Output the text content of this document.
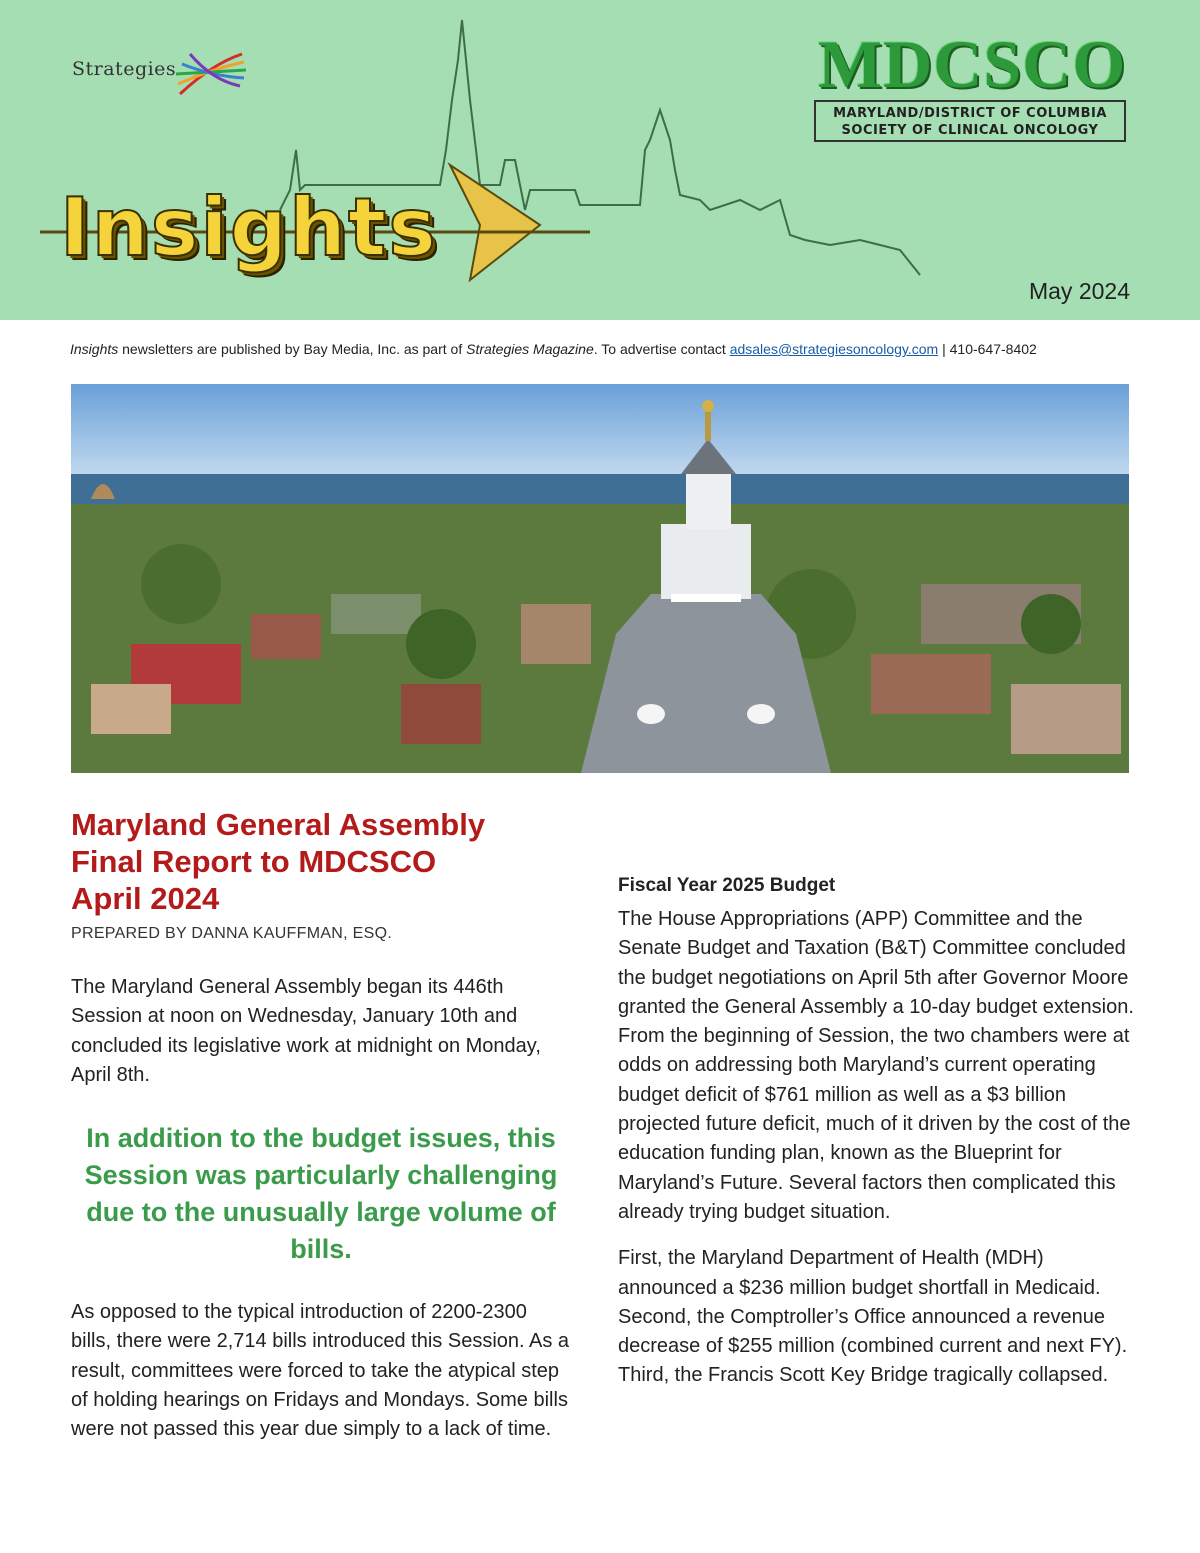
Strategies
Insights
MDCSCO
MARYLAND/DISTRICT OF COLUMBIA
SOCIETY OF CLINICAL ONCOLOGY
May 2024
Insights newsletters are published by Bay Media, Inc. as part of Strategies Magazine. To advertise contact adsales@strategiesoncology.com | 410-647-8402
Maryland General Assembly Final Report to MDCSCO April 2024
PREPARED BY DANNA KAUFFMAN, ESQ.

The Maryland General Assembly began its 446th Session at noon on Wednesday, January 10th and concluded its legislative work at midnight on Monday, April 8th.

In addition to the budget issues, this Session was particularly challenging due to the unusually large volume of bills.

As opposed to the typical introduction of 2200-2300 bills, there were 2,714 bills introduced this Session. As a result, committees were forced to take the atypical step of holding hearings on Fridays and Mondays. Some bills were not passed this year due simply to a lack of time.

Fiscal Year 2025 Budget

The House Appropriations (APP) Committee and the Senate Budget and Taxation (B&T) Committee concluded the budget negotiations on April 5th after Governor Moore granted the General Assembly a 10-day budget extension. From the beginning of Session, the two chambers were at odds on addressing both Maryland’s current operating budget deficit of $761 million as well as a $3 billion projected future deficit, much of it driven by the cost of the education funding plan, known as the Blueprint for Maryland’s Future. Several factors then complicated this already trying budget situation.

First, the Maryland Department of Health (MDH) announced a $236 million budget shortfall in Medicaid. Second, the Comptroller’s Office announced a revenue decrease of $255 million (combined current and next FY). Third, the Francis Scott Key Bridge tragically collapsed.
